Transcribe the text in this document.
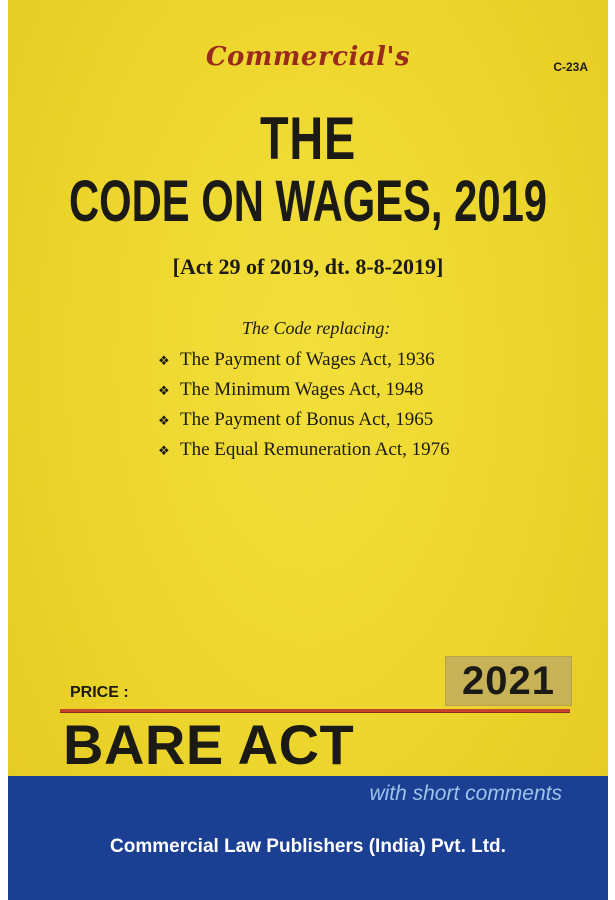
Commercial's	C-23A
THE
CODE ON WAGES, 2019
[Act 29 of 2019, dt. 8-8-2019]
The Code replacing:
❖ The Payment of Wages Act, 1936
❖ The Minimum Wages Act, 1948
❖ The Payment of Bonus Act, 1965
❖ The Equal Remuneration Act, 1976
2021
PRICE :
BARE ACT
with short comments
Commercial Law Publishers (India) Pvt. Ltd.
